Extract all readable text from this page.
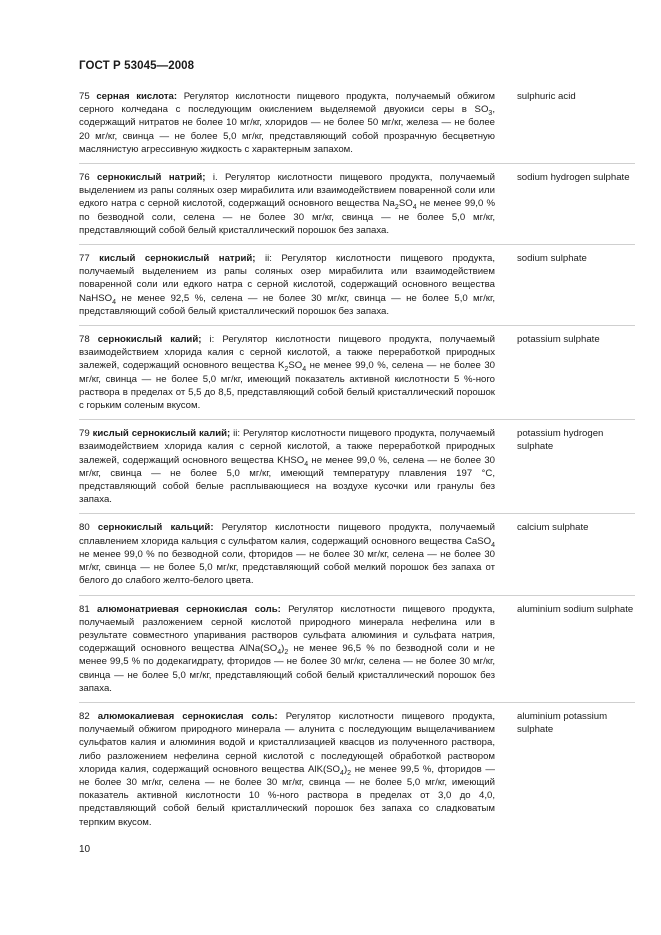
ГОСТ Р 53045—2008
75 серная кислота: Регулятор кислотности пищевого продукта, получаемый обжигом серного колчедана с последующим окислением выделяемой двуокиси серы в $SO_3$, содержащий нитратов не более 10 мг/кг, хлоридов — не более 50 мг/кг, железа — не более 20 мг/кг, свинца — не более 5,0 мг/кг, представляющий собой прозрачную бесцветную маслянистую агрессивную жидкость с характерным запахом.
sulphuric acid
76 сернокислый натрий; i. Регулятор кислотности пищевого продукта, получаемый выделением из рапы соляных озер мирабилита или взаимодействием поваренной соли или едкого натра с серной кислотой, содержащий основного вещества $Na_2SO_4$ не менее 99,0 % по безводной соли, селена — не более 30 мг/кг, свинца — не более 5,0 мг/кг, представляющий собой белый кристаллический порошок без запаха.
sodium hydrogen sulphate
77 кислый сернокислый натрий; ii: Регулятор кислотности пищевого продукта, получаемый выделением из рапы соляных озер мирабилита или взаимодействием поваренной соли или едкого натра с серной кислотой, содержащий основного вещества NaHSO$_4$ не менее 92,5 %, селена — не более 30 мг/кг, свинца — не более 5,0 мг/кг, представляющий собой белый кристаллический порошок без запаха.
sodium sulphate
78 сернокислый калий; i: Регулятор кислотности пищевого продукта, получаемый взаимодействием хлорида калия с серной кислотой, а также переработкой природных залежей, содержащий основного вещества $K_2SO_4$ не менее 99,0 %, селена — не более 30 мг/кг, свинца — не более 5,0 мг/кг, имеющий показатель активной кислотности 5 %-ного раствора в пределах от 5,5 до 8,5, представляющий собой белый кристаллический порошок с горьким соленым вкусом.
potassium sulphate
79 кислый сернокислый калий; ii: Регулятор кислотности пищевого продукта, получаемый взаимодействием хлорида калия с серной кислотой, а также переработкой природных залежей, содержащий основного вещества $KHSO_4$ не менее 99,0 %, селена — не более 30 мг/кг, свинца — не более 5,0 мг/кг, имеющий температуру плавления 197 °С, представляющий собой белые расплывающиеся на воздухе кусочки или гранулы без запаха.
potassium hydrogen sulphate
80 сернокислый кальций: Регулятор кислотности пищевого продукта, получаемый сплавлением хлорида кальция с сульфатом калия, содержащий основного вещества CaSO$_4$ не менее 99,0 % по безводной соли, фторидов — не более 30 мг/кг, селена — не более 30 мг/кг, свинца — не более 5,0 мг/кг, представляющий собой мелкий порошок без запаха от белого до слабого желто-белого цвета.
calcium sulphate
81 алюмонатриевая сернокислая соль: Регулятор кислотности пищевого продукта, получаемый разложением серной кислотой природного минерала нефелина или в результате совместного упаривания растворов сульфата алюминия и сульфата натрия, содержащий основного вещества $AlNa(SO_4)_2$ не менее 96,5 % по безводной соли и не менее 99,5 % по додекагидрату, фторидов — не более 30 мг/кг, селена — не более 30 мг/кг, свинца — не более 5,0 мг/кг, представляющий собой белый кристаллический порошок без запаха.
aluminium sodium sulphate
82 алюмокалиевая сернокислая соль: Регулятор кислотности пищевого продукта, получаемый обжигом природного минерала — алунита с последующим выщелачиванием сульфатов калия и алюминия водой и кристаллизацией квасцов из полученного раствора, либо разложением нефелина серной кислотой с последующей обработкой раствором хлорида калия, содержащий основного вещества $AlK(SO_4)_2$ не менее 99,5 %, фторидов — не более 30 мг/кг, селена — не более 30 мг/кг, свинца — не более 5,0 мг/кг, имеющий показатель активной кислотности 10 %-ного раствора в пределах от 3,0 до 4,0, представляющий собой белый кристаллический порошок без запаха со сладковатым терпким вкусом.
aluminium potassium sulphate
10
